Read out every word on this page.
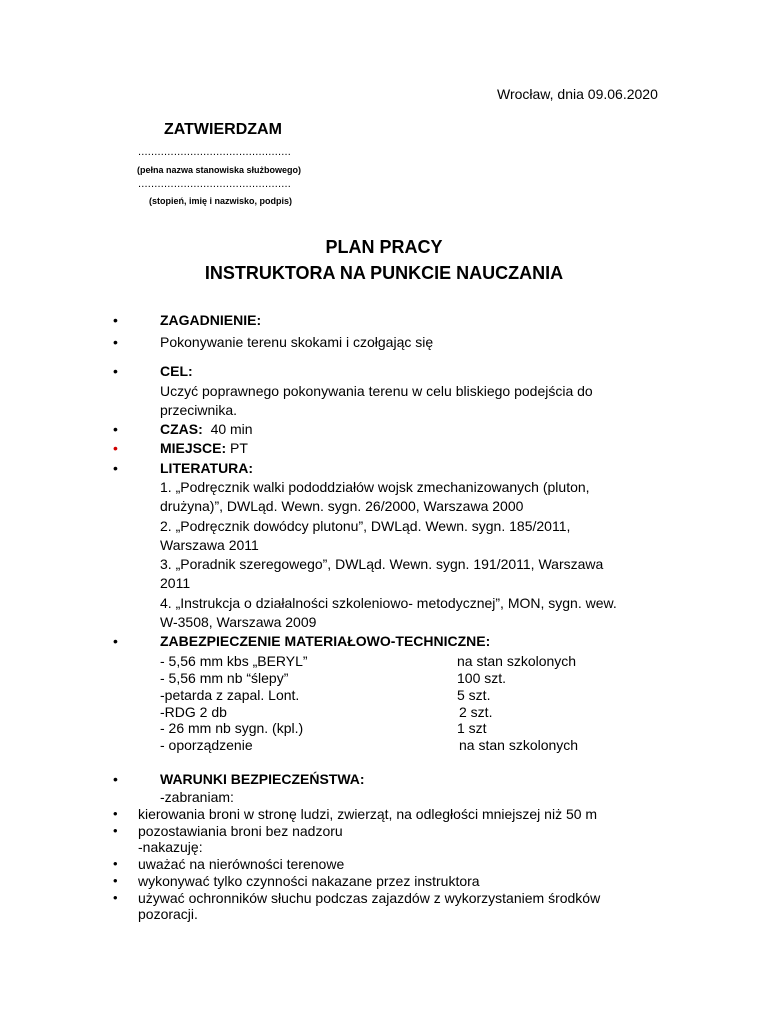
Wrocław, dnia 09.06.2020
ZATWIERDZAM
...............................................
(pełna nazwa stanowiska służbowego)
...............................................
(stopień, imię i nazwisko, podpis)
PLAN PRACY
INSTRUKTORA NA PUNKCIE NAUCZANIA
•	ZAGADNIENIE:
•	Pokonywanie terenu skokami i czołgając się
•	CEL:
Uczyć poprawnego pokonywania terenu w celu bliskiego podejścia do
przeciwnika.
•	CZAS: 40 min
•	MIEJSCE: PT
•	LITERATURA:
1. „Podręcznik walki pododdziałów wojsk zmechanizowanych (pluton,
drużyna)”, DWLąd. Wewn. sygn. 26/2000, Warszawa 2000
2. „Podręcznik dowódcy plutonu”, DWLąd. Wewn. sygn. 185/2011,
Warszawa 2011
3. „Poradnik szeregowego”, DWLąd. Wewn. sygn. 191/2011, Warszawa
2011
4. „Instrukcja o działalności szkoleniowo- metodycznej”, MON, sygn. wew.
W-3508, Warszawa 2009
•	ZABEZPIECZENIE MATERIAŁOWO-TECHNICZNE:
- 5,56 mm kbs „BERYL”	na stan szkolonych
- 5,56 mm nb “ślepy”	100 szt.
-petarda z zapal. Lont.	5 szt.
-RDG 2 db	2 szt.
- 26 mm nb sygn. (kpl.)	1 szt
- oporządzenie	na stan szkolonych
•	WARUNKI BEZPIECZEŃSTWA:
-zabraniam:
• kierowania broni w stronę ludzi, zwierząt, na odległości mniejszej niż 50 m
• pozostawiania broni bez nadzoru
-nakazuję:
• uważać na nierówności terenowe
• wykonywać tylko czynności nakazane przez instruktora
• używać ochronników słuchu podczas zajazdów z wykorzystaniem środków
pozoracji.
